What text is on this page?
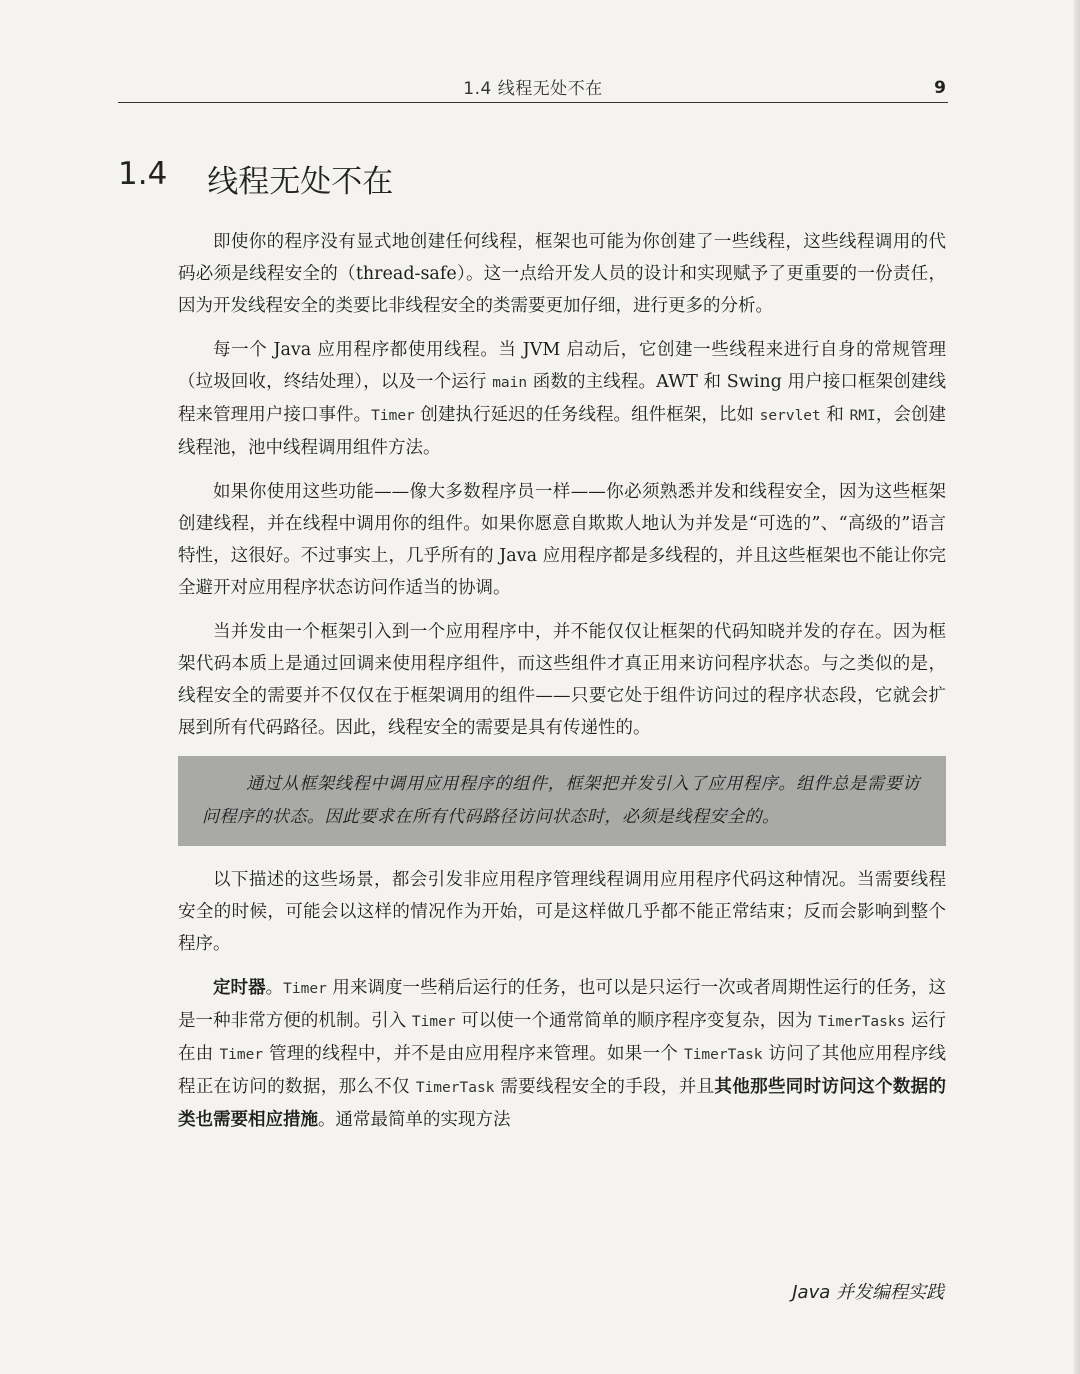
1.4 线程无处不在	9
1.4 线程无处不在

即使你的程序没有显式地创建任何线程，框架也可能为你创建了一些线程，这些线程调用的代码必须是线程安全的（thread-safe）。这一点给开发人员的设计和实现赋予了更重要的一份责任，因为开发线程安全的类要比非线程安全的类需要更加仔细，进行更多的分析。

每一个 Java 应用程序都使用线程。当 JVM 启动后，它创建一些线程来进行自身的常规管理（垃圾回收，终结处理），以及一个运行 main 函数的主线程。AWT 和 Swing 用户接口框架创建线程来管理用户接口事件。Timer 创建执行延迟的任务线程。组件框架，比如 servlet 和 RMI，会创建线程池，池中线程调用组件方法。

如果你使用这些功能——像大多数程序员一样——你必须熟悉并发和线程安全，因为这些框架创建线程，并在线程中调用你的组件。如果你愿意自欺欺人地认为并发是“可选的”、“高级的”语言特性，这很好。不过事实上，几乎所有的 Java 应用程序都是多线程的，并且这些框架也不能让你完全避开对应用程序状态访问作适当的协调。

当并发由一个框架引入到一个应用程序中，并不能仅仅让框架的代码知晓并发的存在。因为框架代码本质上是通过回调来使用程序组件，而这些组件才真正用来访问程序状态。与之类似的是，线程安全的需要并不仅仅在于框架调用的组件——只要它处于组件访问过的程序状态段，它就会扩展到所有代码路径。因此，线程安全的需要是具有传递性的。

通过从框架线程中调用应用程序的组件，框架把并发引入了应用程序。组件总是需要访问程序的状态。因此要求在所有代码路径访问状态时，必须是线程安全的。

以下描述的这些场景，都会引发非应用程序管理线程调用应用程序代码这种情况。当需要线程安全的时候，可能会以这样的情况作为开始，可是这样做几乎都不能正常结束；反而会影响到整个程序。

定时器。Timer 用来调度一些稍后运行的任务，也可以是只运行一次或者周期性运行的任务，这是一种非常方便的机制。引入 Timer 可以使一个通常简单的顺序程序变复杂，因为 TimerTasks 运行在由 Timer 管理的线程中，并不是由应用程序来管理。如果一个 TimerTask 访问了其他应用程序线程正在访问的数据，那么不仅 TimerTask 需要线程安全的手段，并且其他那些同时访问这个数据的类也需要相应措施。通常最简单的实现方法

Java 并发编程实践
